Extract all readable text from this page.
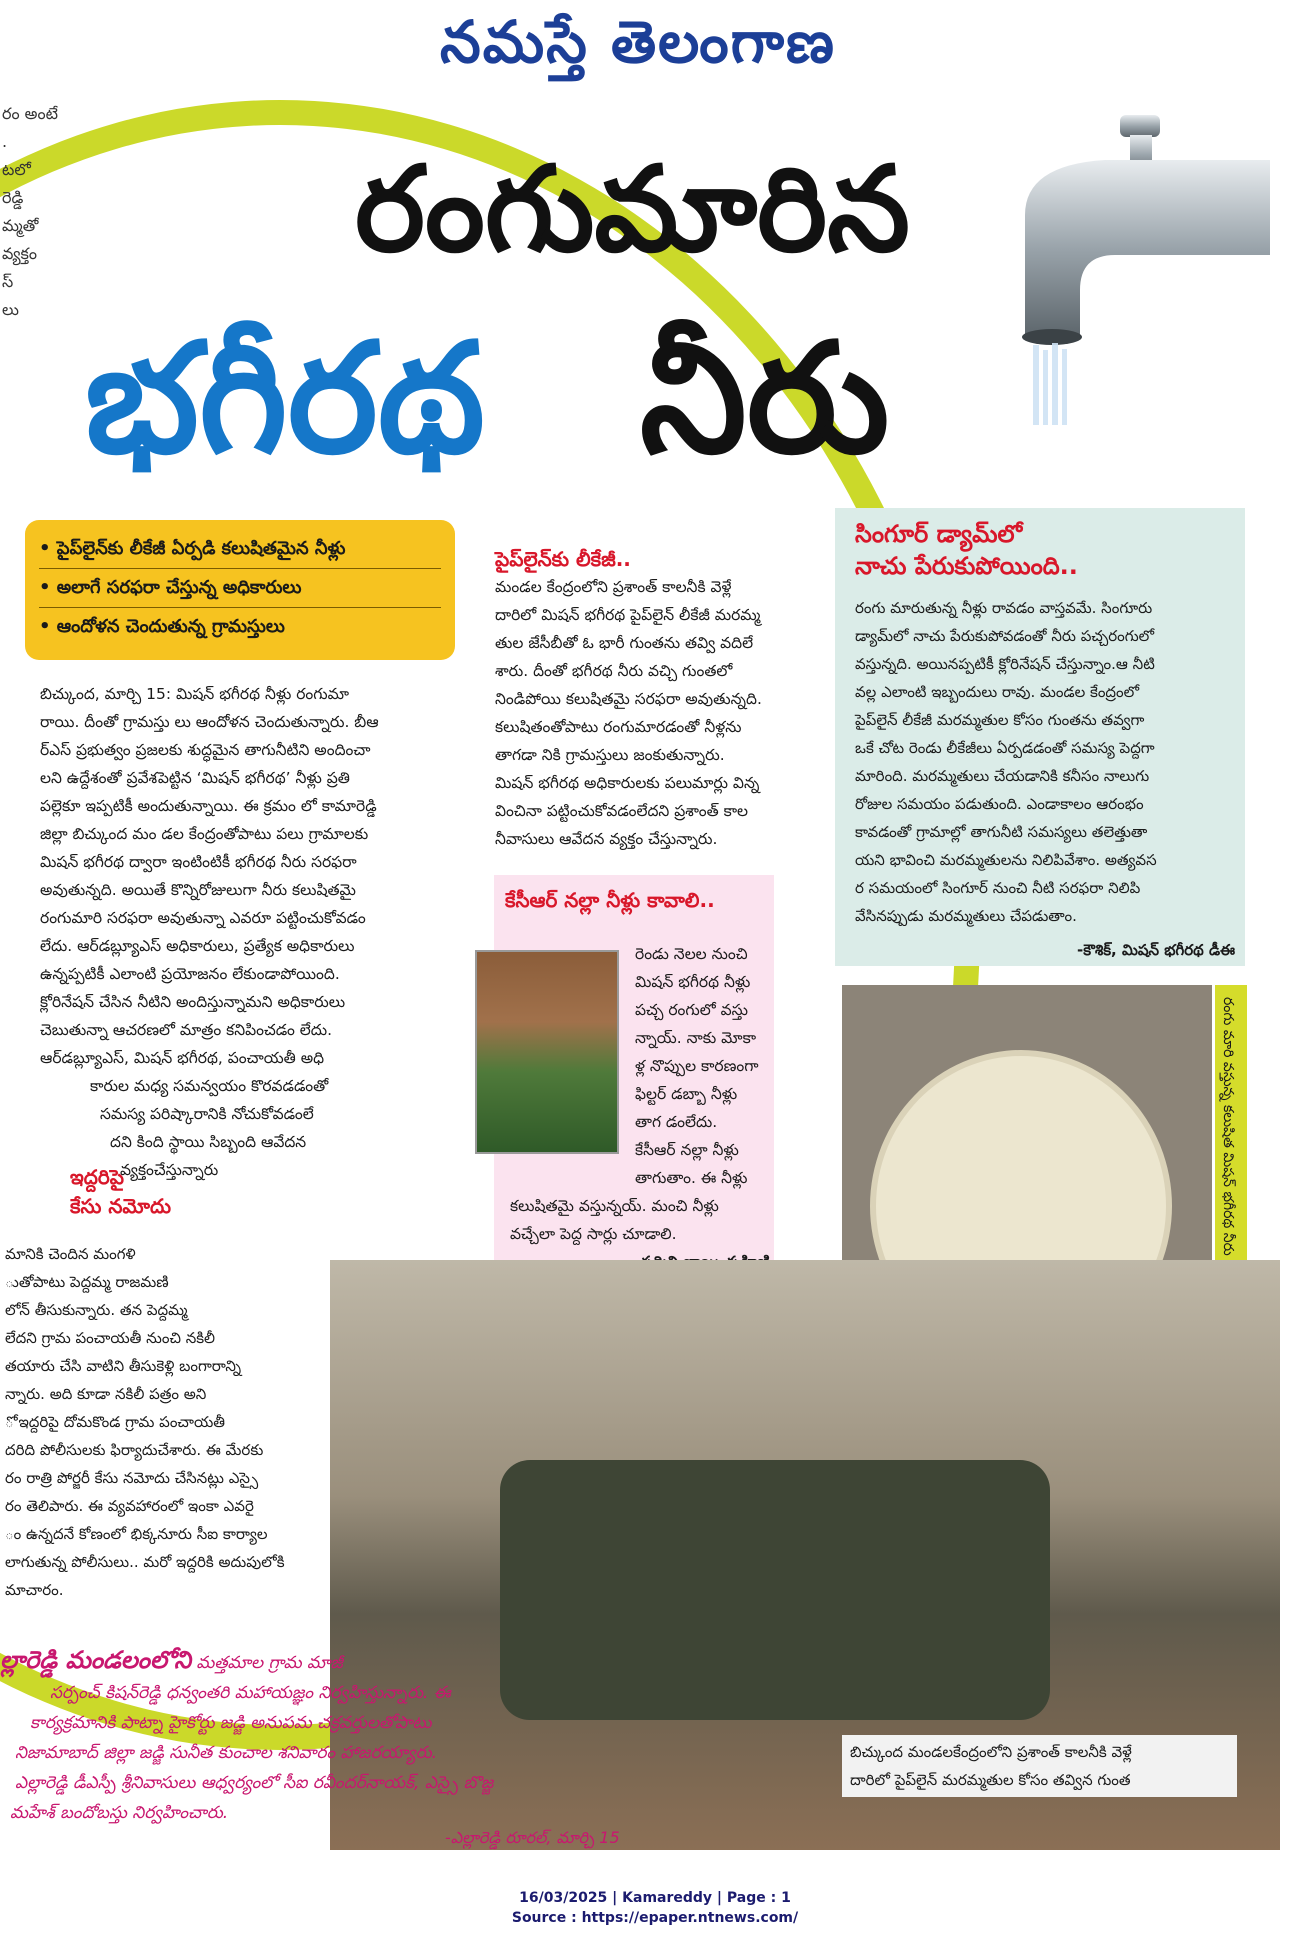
నమస్తే తెలంగాణ
రం అంటే
.
టలో
రెడ్డి
మ్మతో
వ్యక్తం
స్
లు
రంగుమారిన
భగీరథ నీరు
• పైప్‌లైన్‌కు లీకేజీ ఏర్పడి కలుషితమైన నీళ్లు
• అలాగే సరఫరా చేస్తున్న అధికారులు
• ఆందోళన చెందుతున్న గ్రామస్తులు
బిచ్కుంద, మార్చి 15: మిషన్ భగీరథ నీళ్లు రంగుమా
రాయి. దీంతో గ్రామస్తు లు ఆందోళన చెందుతున్నారు. బీఆ
ర్ఎస్ ప్రభుత్వం ప్రజలకు శుద్ధమైన తాగునీటిని అందించా
లని ఉద్దేశంతో ప్రవేశపెట్టిన ‘మిషన్ భగీరథ’ నీళ్లు ప్రతి
పల్లెకూ ఇప్పటికీ అందుతున్నాయి. ఈ క్రమం లో కామారెడ్డి
జిల్లా బిచ్కుంద మం డల కేంద్రంతోపాటు పలు గ్రామాలకు
మిషన్ భగీరథ ద్వారా ఇంటింటికీ భగీరథ నీరు సరఫరా
అవుతున్నది. అయితే కొన్నిరోజులుగా నీరు కలుషితమై
రంగుమారి సరఫరా అవుతున్నా ఎవరూ పట్టించుకోవడం
లేదు. ఆర్‌డబ్ల్యూఎస్ అధికారులు, ప్రత్యేక అధికారులు
ఉన్నప్పటికీ ఎలాంటి ప్రయోజనం లేకుండాపోయింది.
క్లోరినేషన్ చేసిన నీటిని అందిస్తున్నామని అధికారులు
చెబుతున్నా ఆచరణలో మాత్రం కనిపించడం లేదు.
ఆర్‌డబ్ల్యూఎస్, మిషన్ భగీరథ, పంచాయతీ అధి
కారుల మధ్య సమన్వయం కొరవడడంతో
సమస్య పరిష్కారానికి నోచుకోవడంలే
దని కింది స్థాయి సిబ్బంది ఆవేదన
వ్యక్తంచేస్తున్నారు
పైప్‌లైన్‌కు లీకేజీ..
మండల కేంద్రంలోని ప్రశాంత్ కాలనీకి వెళ్లే
దారిలో మిషన్ భగీరథ పైప్‌లైన్ లీకేజీ మరమ్మ
తుల జేసీబీతో ఓ భారీ గుంతను తవ్వి వదిలే
శారు. దీంతో భగీరథ నీరు వచ్చి గుంతలో
నిండిపోయి కలుషితమై సరఫరా అవుతున్నది.
కలుషితంతోపాటు రంగుమారడంతో నీళ్లను
తాగడా నికి గ్రామస్తులు జంకుతున్నారు.
మిషన్ భగీరథ అధికారులకు పలుమార్లు విన్న
వించినా పట్టించుకోవడంలేదని ప్రశాంత్ కాల
నీవాసులు ఆవేదన వ్యక్తం చేస్తున్నారు.
సింగూర్ డ్యామ్‌లో
నాచు పేరుకుపోయింది..
రంగు మారుతున్న నీళ్లు రావడం వాస్తవమే. సింగూరు
డ్యామ్‌లో నాచు పేరుకుపోవడంతో నీరు పచ్చరంగులో
వస్తున్నది. అయినప్పటికీ క్లోరినేషన్ చేస్తున్నాం.ఆ నీటి
వల్ల ఎలాంటి ఇబ్బందులు రావు. మండల కేంద్రంలో
పైప్‌లైన్ లీకేజీ మరమ్మతుల కోసం గుంతను తవ్వగా
ఒకే చోట రెండు లీకేజీలు ఏర్పడడంతో సమస్య పెద్దగా
మారింది. మరమ్మతులు చేయడానికి కనీసం నాలుగు
రోజుల సమయం పడుతుంది. ఎండాకాలం ఆరంభం
కావడంతో గ్రామాల్లో తాగునీటి సమస్యలు తలెత్తుతా
యని భావించి మరమ్మతులను నిలిపివేశాం. అత్యవస
ర సమయంలో సింగూర్ నుంచి నీటి సరఫరా నిలిపి
వేసినప్పుడు మరమ్మతులు చేపడుతాం.
-కౌశిక్, మిషన్ భగీరథ డీఈ
కేసీఆర్ నల్లా నీళ్లు కావాలి..
రెండు నెలల నుంచి
మిషన్ భగీరథ నీళ్లు
పచ్చ రంగులో వస్తు
న్నాయ్. నాకు మోకా
ళ్ల నొప్పుల కారణంగా
ఫిల్టర్ డబ్బా నీళ్లు
తాగ డంలేదు.
కేసీఆర్ నల్లా నీళ్లు
తాగుతాం. ఈ నీళ్లు
కలుషితమై వస్తున్నయ్. మంచి నీళ్లు
వచ్చేలా పెద్ద సార్లు చూడాలి.	రంగు మారి వస్తున్న కలుషిత మిషన్ భగీరథ నీరు
బిచ్కుంద మండలకేంద్రంలోని ప్రశాంత్ కాలనీకి వెళ్లే
దారిలో పైప్‌లైన్ మరమ్మతుల కోసం తవ్విన గుంత
ఇద్దరిపై
కేసు నమోదు
మానికి చెందిన మంగళి
ుతోపాటు పెద్దమ్మ రాజమణి
లోన్ తీసుకున్నారు. తన పెద్దమ్మ
లేదని గ్రామ పంచాయతీ నుంచి నకిలీ
తయారు చేసి వాటిని తీసుకెళ్లి బంగారాన్ని
న్నారు. అది కూడా నకిలీ పత్రం అని
ో ఇద్దరిపై దోమకొండ గ్రామ పంచాయతీ
దరిది పోలీసులకు ఫిర్యాదుచేశారు. ఈ మేరకు
రం రాత్రి పోర్జరీ కేసు నమోదు చేసినట్లు ఎస్సై
రం తెలిపారు. ఈ వ్యవహారంలో ఇంకా ఎవరై
ం ఉన్నదనే కోణంలో భిక్కనూరు సీఐ కార్యాల
లాగుతున్న పోలీసులు.. మరో ఇద్దరికి అదుపులోకి
మాచారం.
ల్లారెడ్డి మండలంలోని మత్తమాల గ్రామ మాజీ
సర్పంచ్ కిషన్‌రెడ్డి ధన్వంతరి మహాయజ్ఞం నిర్వహిస్తున్నారు. ఈ
కార్యక్రమానికి పాట్నా హైకోర్టు జడ్జి అనుపమ చక్రవర్తులతోపాటు
నిజామాబాద్ జిల్లా జడ్జి సునీత కుంచాల శనివారం హాజరయ్యారు.
ఎల్లారెడ్డి డీఎస్పీ శ్రీనివాసులు ఆధ్వర్యంలో సీఐ రవీందర్‌నాయక్, ఎస్సై బొజ్జ
మహేశ్ బందోబస్తు నిర్వహించారు.
-ఎల్లారెడ్డి రూరల్, మార్చి 15
16/03/2025 | Kamareddy | Page : 1
Source : https://epaper.ntnews.com/
